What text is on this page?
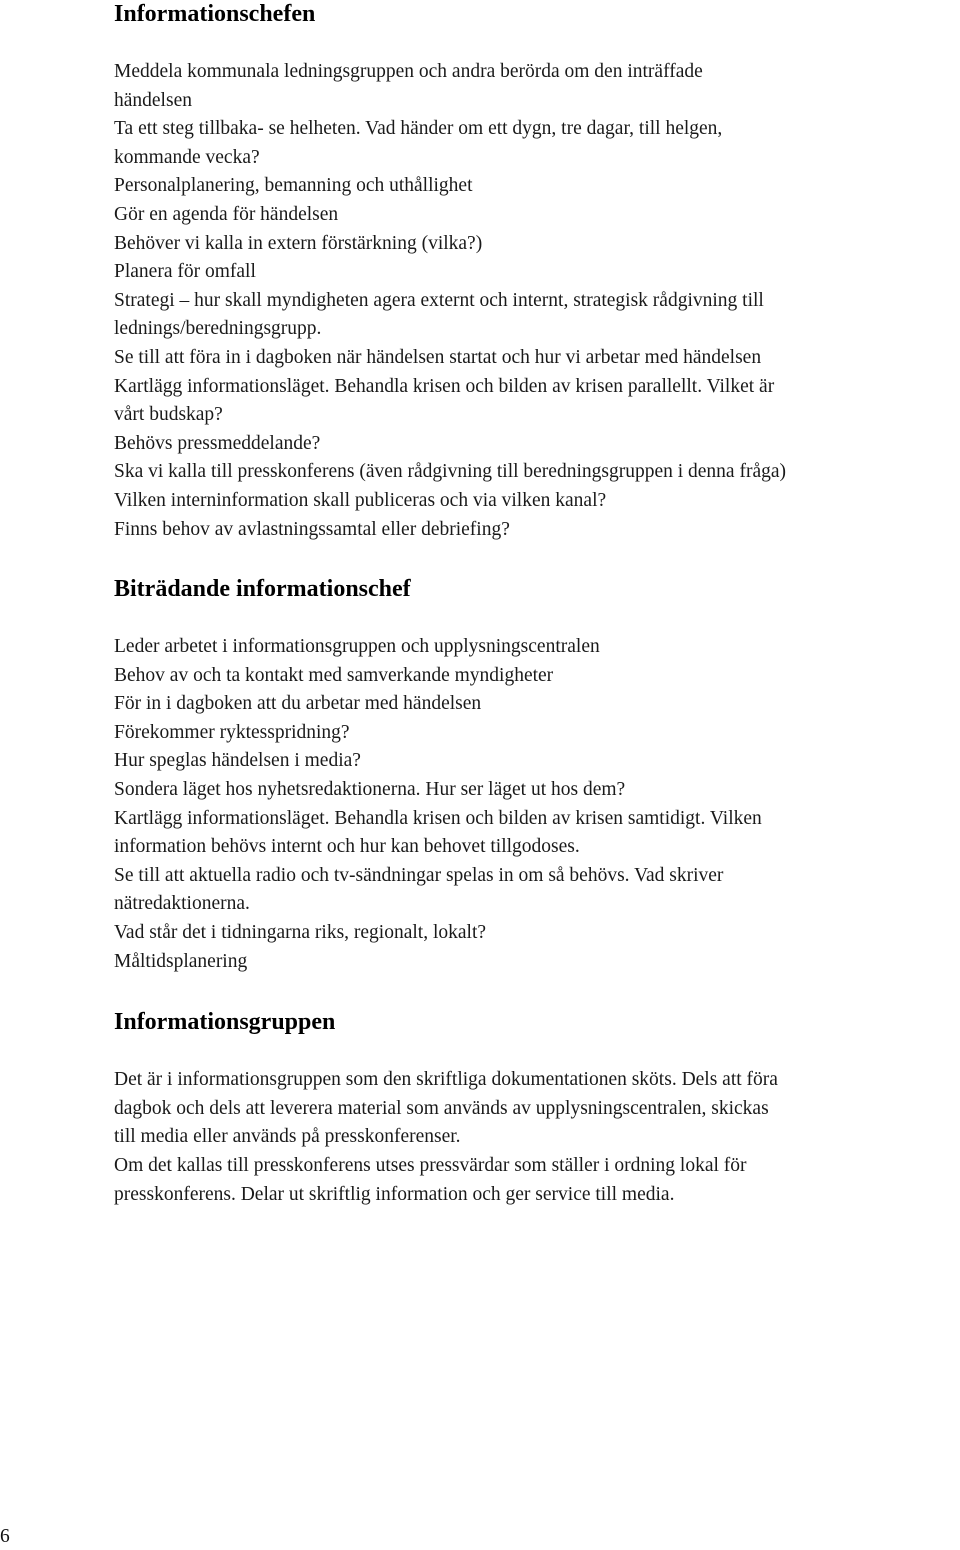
Informationschefen
Meddela kommunala ledningsgruppen och andra berörda om den inträffade
händelsen
Ta ett steg tillbaka- se helheten. Vad händer om ett dygn, tre dagar, till helgen,
kommande vecka?
Personalplanering, bemanning och uthållighet
Gör en agenda för händelsen
Behöver vi kalla in extern förstärkning (vilka?)
Planera för omfall
Strategi – hur skall myndigheten agera externt och internt, strategisk rådgivning till
lednings/beredningsgrupp.
Se till att föra in i dagboken när händelsen startat och hur vi arbetar med händelsen
Kartlägg informationsläget. Behandla krisen och bilden av krisen parallellt. Vilket är
vårt budskap?
Behövs pressmeddelande?
Ska vi kalla till presskonferens (även rådgivning till beredningsgruppen i denna fråga)
Vilken interninformation skall publiceras och via vilken kanal?
Finns behov av avlastningssamtal eller debriefing?
Biträdande informationschef
Leder arbetet i informationsgruppen och upplysningscentralen
Behov av och ta kontakt med samverkande myndigheter
För in i dagboken att du arbetar med händelsen
Förekommer ryktesspridning?
Hur speglas händelsen i media?
Sondera läget hos nyhetsredaktionerna. Hur ser läget ut hos dem?
Kartlägg informationsläget. Behandla krisen och bilden av krisen samtidigt. Vilken
information behövs internt och hur kan behovet tillgodoses.
Se till att aktuella radio och tv-sändningar spelas in om så behövs. Vad skriver
nätredaktionerna.
Vad står det i tidningarna riks, regionalt, lokalt?
Måltidsplanering
Informationsgruppen
Det är i informationsgruppen som den skriftliga dokumentationen sköts. Dels att föra
dagbok och dels att leverera material som används av upplysningscentralen, skickas
till media eller används på presskonferenser.
Om det kallas till presskonferens utses pressvärdar som ställer i ordning lokal för
presskonferens. Delar ut skriftlig information och ger service till media.
6
